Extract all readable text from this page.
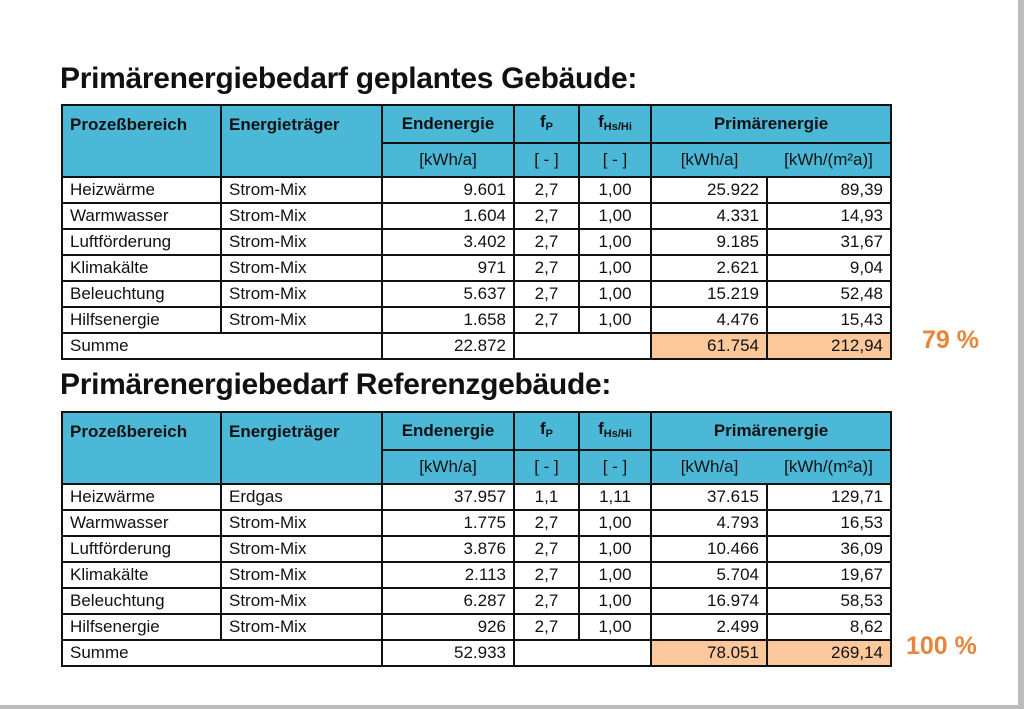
Primärenergiebedarf geplantes Gebäude:
Prozeßbereich	Energieträger	Endenergie	$f_P$	$f_{Hs/Hi}$	Primärenergie	
		[kWh/a]	[ - ]	[ - ]	[kWh/a]	[kWh/(m²a)]
Heizwärme	Strom-Mix	9.601	2,7	1,00	25.922	89,39
Warmwasser	Strom-Mix	1.604	2,7	1,00	4.331	14,93
Luftförderung	Strom-Mix	3.402	2,7	1,00	9.185	31,67
Klimakälte	Strom-Mix	971	2,7	1,00	2.621	9,04
Beleuchtung	Strom-Mix	5.637	2,7	1,00	15.219	52,48
Hilfsenergie	Strom-Mix	1.658	2,7	1,00	4.476	15,43
Summe		22.872			61.754	212,94 79 %
Primärenergiebedarf Referenzgebäude:
Prozeßbereich	Energieträger	Endenergie	$f_P$	$f_{Hs/Hi}$	Primärenergie	
		[kWh/a]	[ - ]	[ - ]	[kWh/a]	[kWh/(m²a)]
Heizwärme	Erdgas	37.957	1,1	1,11	37.615	129,71
Warmwasser	Strom-Mix	1.775	2,7	1,00	4.793	16,53
Luftförderung	Strom-Mix	3.876	2,7	1,00	10.466	36,09
Klimakälte	Strom-Mix	2.113	2,7	1,00	5.704	19,67
Beleuchtung	Strom-Mix	6.287	2,7	1,00	16.974	58,53
Hilfsenergie	Strom-Mix	926	2,7	1,00	2.499	8,62
Summe		52.933			78.051	269,14 100 %
